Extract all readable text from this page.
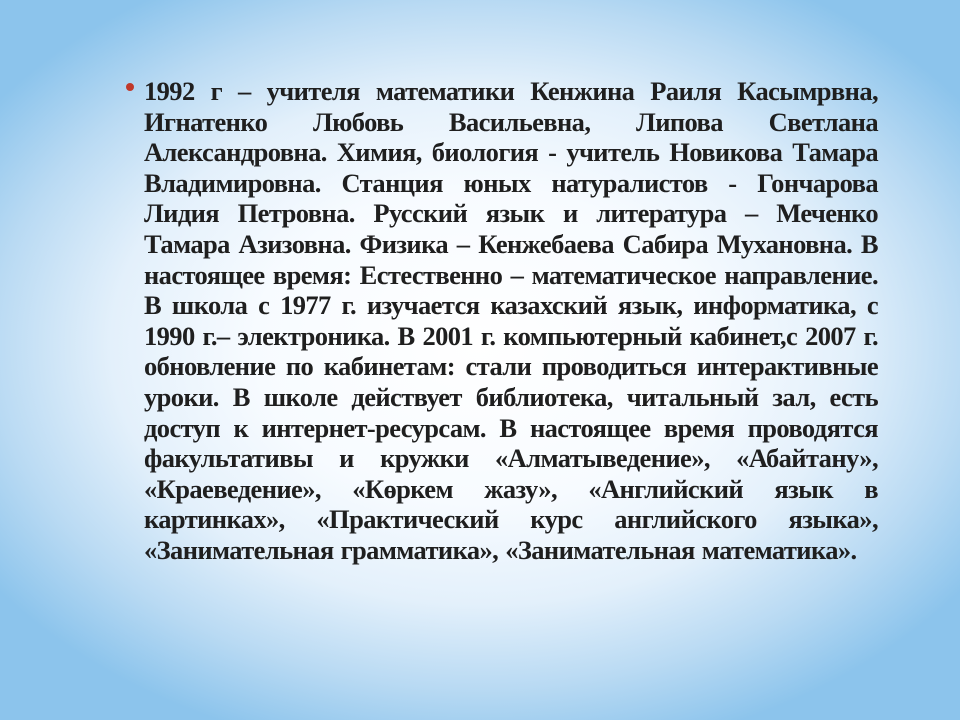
1992 г – учителя математики Кенжина Раиля Касымрвна, Игнатенко Любовь Васильевна, Липова Светлана Александровна. Химия, биология - учитель Новикова Тамара Владимировна. Станция юных натуралистов - Гончарова Лидия Петровна. Русский язык и литература – Меченко Тамара Азизовна. Физика – Кенжебаева Сабира Мухановна. В настоящее время: Естественно – математическое направление. В школа с 1977 г. изучается казахский язык, информатика, с 1990 г.– электроника. В 2001 г. компьютерный кабинет,с 2007 г. обновление по кабинетам: стали проводиться интерактивные уроки. В школе действует библиотека, читальный зал, есть доступ к интернет-ресурсам. В настоящее время проводятся факультативы и кружки «Алматыведение», «Абайтану», «Краеведение», «Көркем жазу», «Английский язык в картинках», «Практический курс английского языка», «Занимательная грамматика», «Занимательная математика».
